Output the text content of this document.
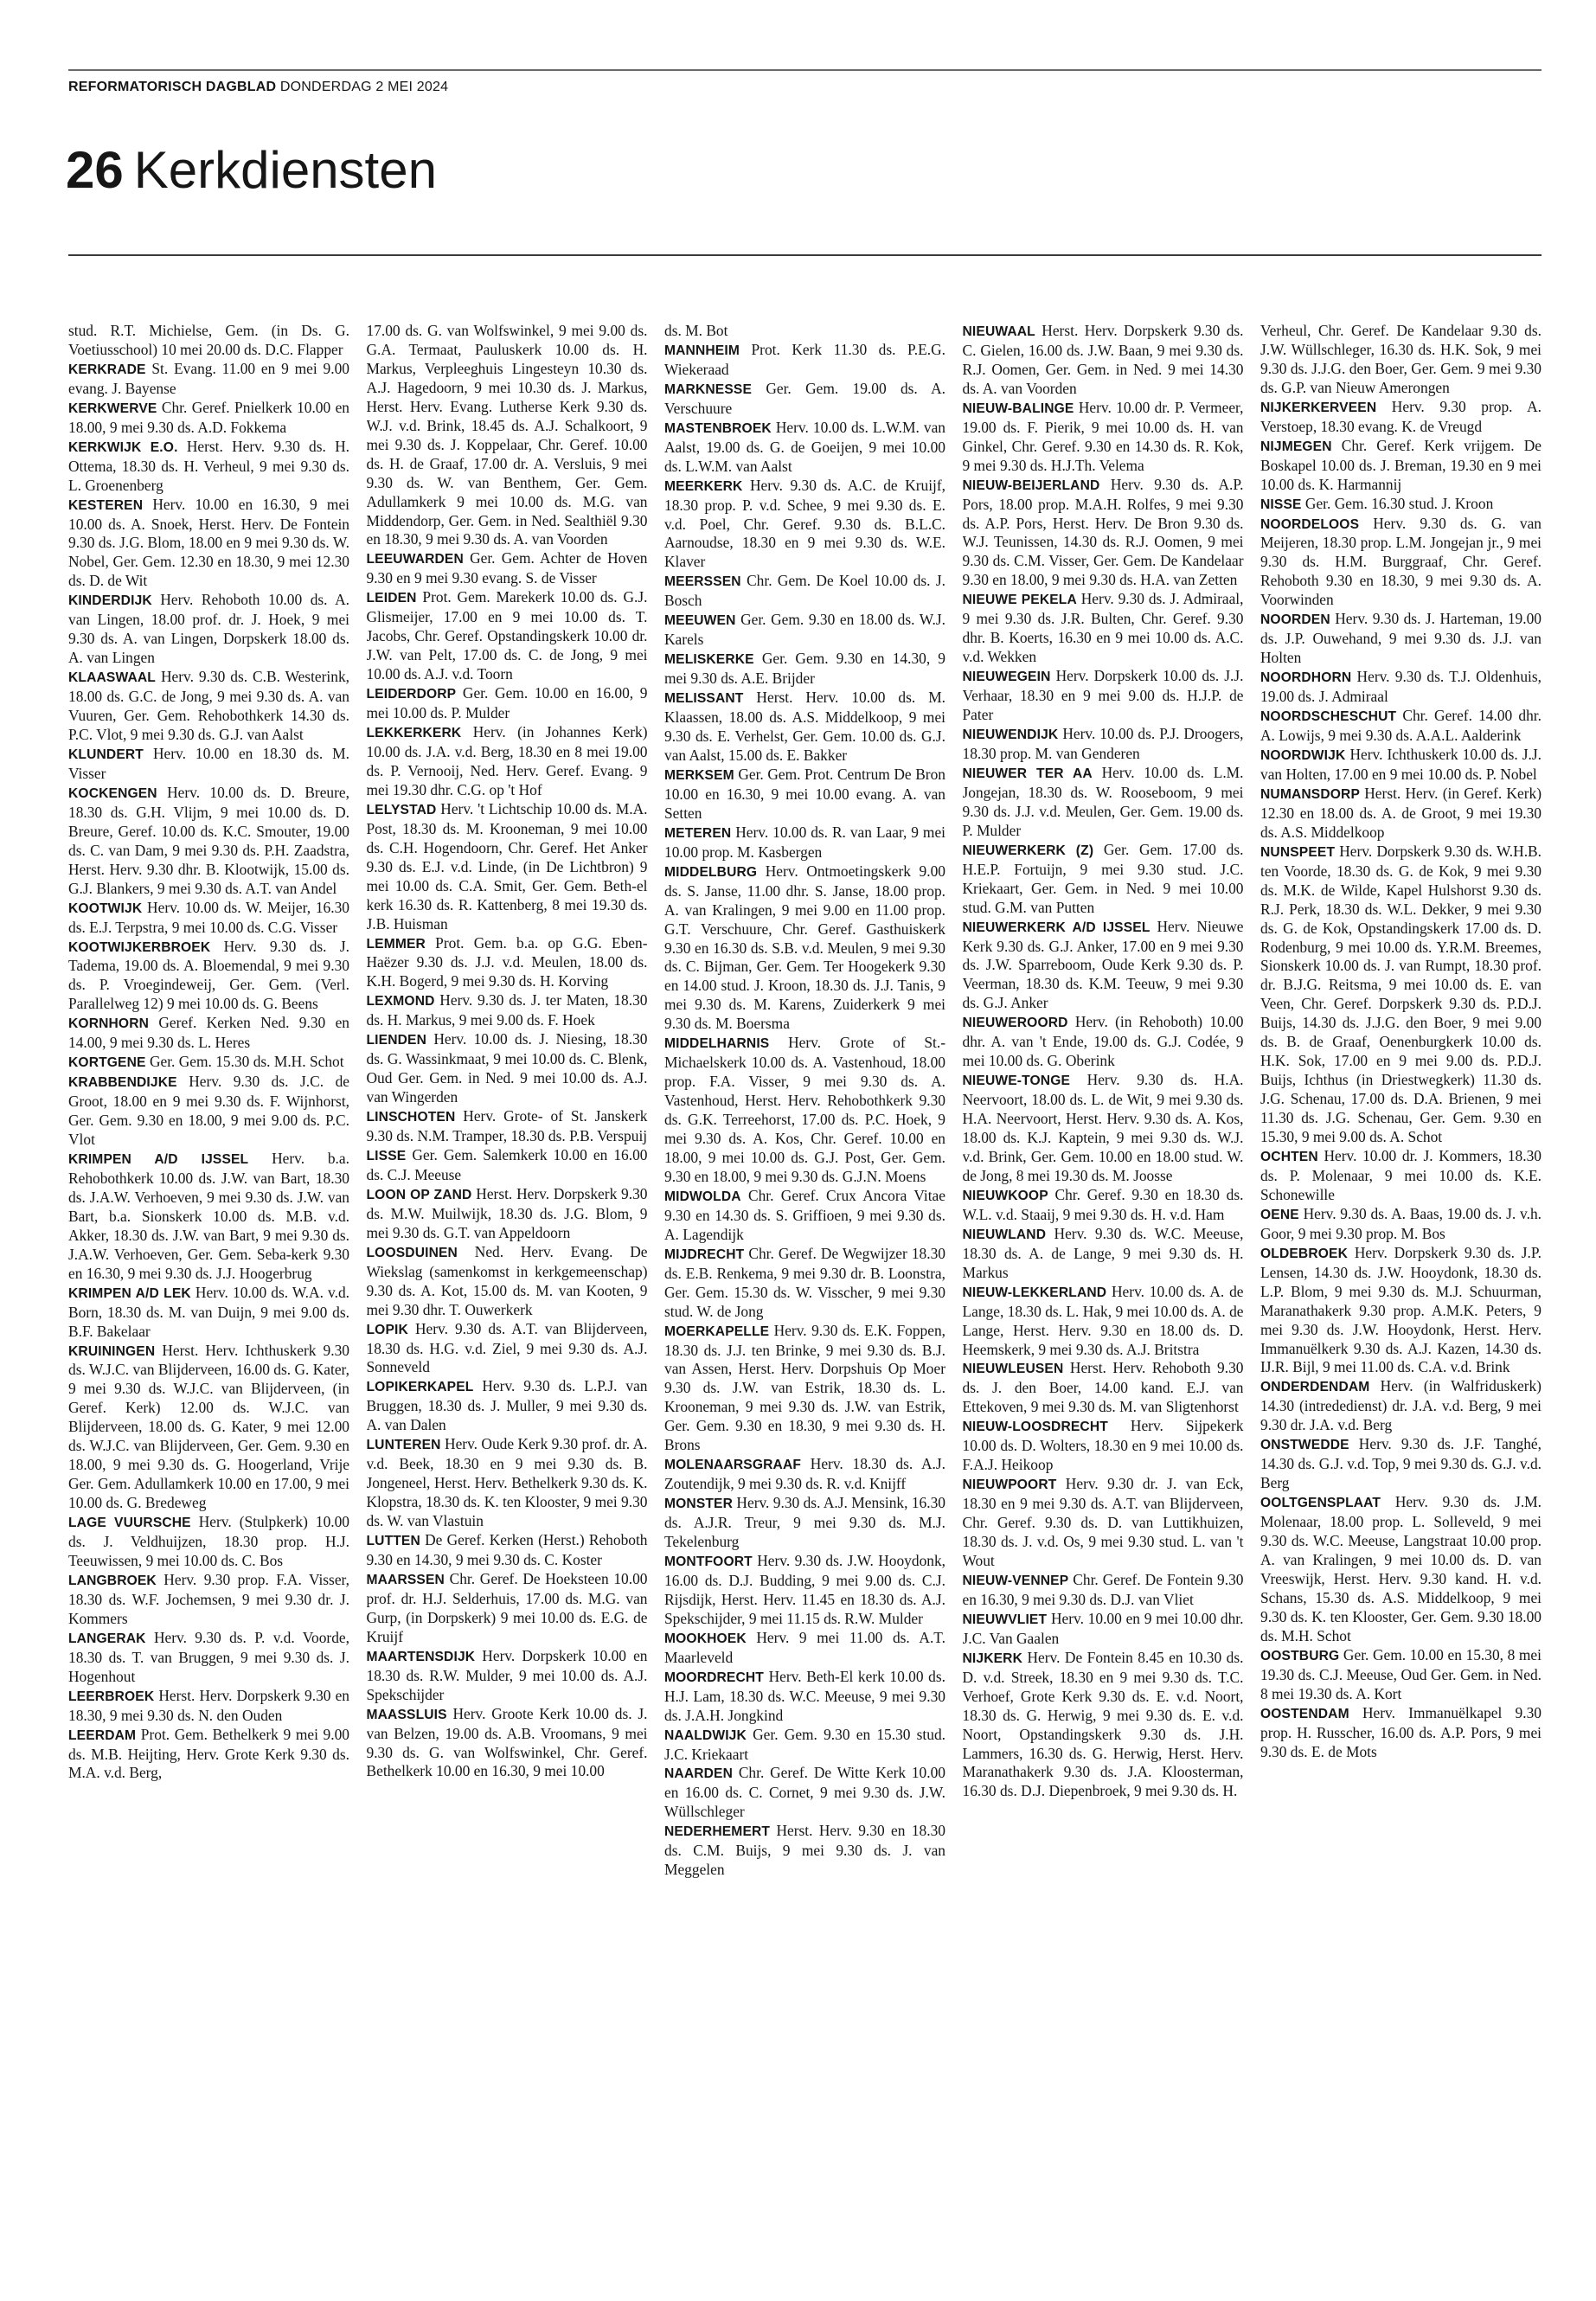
REFORMATORISCH DAGBLAD DONDERDAG 2 MEI 2024
26 Kerkdiensten

stud. R.T. Michielse, Gem. (in Ds. G. Voetiusschool) 10 mei 20.00 ds. D.C. Flapper

KERKRADE St. Evang. 11.00 en 9 mei 9.00 evang. J. Bayense

KERKWERVE Chr. Geref. Pnielkerk 10.00 en 18.00, 9 mei 9.30 ds. A.D. Fokkema

KERKWIJK E.O. Herst. Herv. 9.30 ds. H. Ottema, 18.30 ds. H. Verheul, 9 mei 9.30 ds. L. Groenenberg

KESTEREN Herv. 10.00 en 16.30, 9 mei 10.00 ds. A. Snoek, Herst. Herv. De Fontein 9.30 ds. J.G. Blom, 18.00 en 9 mei 9.30 ds. W. Nobel, Ger. Gem. 12.30 en 18.30, 9 mei 12.30 ds. D. de Wit

KINDERDIJK Herv. Rehoboth 10.00 ds. A. van Lingen, 18.00 prof. dr. J. Hoek, 9 mei 9.30 ds. A. van Lingen, Dorpskerk 18.00 ds. A. van Lingen

KLAASWAAL Herv. 9.30 ds. C.B. Westerink, 18.00 ds. G.C. de Jong, 9 mei 9.30 ds. A. van Vuuren, Ger. Gem. Rehobothkerk 14.30 ds. P.C. Vlot, 9 mei 9.30 ds. G.J. van Aalst

KLUNDERT Herv. 10.00 en 18.30 ds. M. Visser

KOCKENGEN Herv. 10.00 ds. D. Breure, 18.30 ds. G.H. Vlijm, 9 mei 10.00 ds. D. Breure, Geref. 10.00 ds. K.C. Smouter, 19.00 ds. C. van Dam, 9 mei 9.30 ds. P.H. Zaadstra, Herst. Herv. 9.30 dhr. B. Klootwijk, 15.00 ds. G.J. Blankers, 9 mei 9.30 ds. A.T. van Andel

KOOTWIJK Herv. 10.00 ds. W. Meijer, 16.30 ds. E.J. Terpstra, 9 mei 10.00 ds. C.G. Visser

KOOTWIJKERBROEK Herv. 9.30 ds. J. Tadema, 19.00 ds. A. Bloemendal, 9 mei 9.30 ds. P. Vroegindeweij, Ger. Gem. (Verl. Parallelweg 12) 9 mei 10.00 ds. G. Beens

KORNHORN Geref. Kerken Ned. 9.30 en 14.00, 9 mei 9.30 ds. L. Heres

KORTGENE Ger. Gem. 15.30 ds. M.H. Schot

KRABBENDIJKE Herv. 9.30 ds. J.C. de Groot, 18.00 en 9 mei 9.30 ds. F. Wijnhorst, Ger. Gem. 9.30 en 18.00, 9 mei 9.00 ds. P.C. Vlot

KRIMPEN A/D IJSSEL Herv. b.a. Rehobothkerk 10.00 ds. J.W. van Bart, 18.30 ds. J.A.W. Verhoeven, 9 mei 9.30 ds. J.W. van Bart, b.a. Sionskerk 10.00 ds. M.B. v.d. Akker, 18.30 ds. J.W. van Bart, 9 mei 9.30 ds. J.A.W. Verhoeven, Ger. Gem. Seba-kerk 9.30 en 16.30, 9 mei 9.30 ds. J.J. Hoogerbrug

KRIMPEN A/D LEK Herv. 10.00 ds. W.A. v.d. Born, 18.30 ds. M. van Duijn, 9 mei 9.00 ds. B.F. Bakelaar

KRUININGEN Herst. Herv. Ichthuskerk 9.30 ds. W.J.C. van Blijderveen, 16.00 ds. G. Kater, 9 mei 9.30 ds. W.J.C. van Blijderveen, (in Geref. Kerk) 12.00 ds. W.J.C. van Blijderveen, 18.00 ds. G. Kater, 9 mei 12.00 ds. W.J.C. van Blijderveen, Ger. Gem. 9.30 en 18.00, 9 mei 9.30 ds. G. Hoogerland, Vrije Ger. Gem. Adullamkerk 10.00 en 17.00, 9 mei 10.00 ds. G. Bredeweg

LAGE VUURSCHE Herv. (Stulpkerk) 10.00 ds. J. Veldhuijzen, 18.30 prop. H.J. Teeuwissen, 9 mei 10.00 ds. C. Bos

LANGBROEK Herv. 9.30 prop. F.A. Visser, 18.30 ds. W.F. Jochemsen, 9 mei 9.30 dr. J. Kommers

LANGERAK Herv. 9.30 ds. P. v.d. Voorde, 18.30 ds. T. van Bruggen, 9 mei 9.30 ds. J. Hogenhout

LEERBROEK Herst. Herv. Dorpskerk 9.30 en 18.30, 9 mei 9.30 ds. N. den Ouden

LEERDAM Prot. Gem. Bethelkerk 9 mei 9.00 ds. M.B. Heijting, Herv. Grote Kerk 9.30 ds. M.A. v.d. Berg,

17.00 ds. G. van Wolfswinkel, 9 mei 9.00 ds. G.A. Termaat, Pauluskerk 10.00 ds. H. Markus, Verpleeghuis Lingesteyn 10.30 ds. A.J. Hagedoorn, 9 mei 10.30 ds. J. Markus, Herst. Herv. Evang. Lutherse Kerk 9.30 ds. W.J. v.d. Brink, 18.45 ds. A.J. Schalkoort, 9 mei 9.30 ds. J. Koppelaar, Chr. Geref. 10.00 ds. H. de Graaf, 17.00 dr. A. Versluis, 9 mei 9.30 ds. W. van Benthem, Ger. Gem. Adullamkerk 9 mei 10.00 ds. M.G. van Middendorp, Ger. Gem. in Ned. Sealthiël 9.30 en 18.30, 9 mei 9.30 ds. A. van Voorden

LEEUWARDEN Ger. Gem. Achter de Hoven 9.30 en 9 mei 9.30 evang. S. de Visser

LEIDEN Prot. Gem. Marekerk 10.00 ds. G.J. Glismeijer, 17.00 en 9 mei 10.00 ds. T. Jacobs, Chr. Geref. Opstandingskerk 10.00 dr. J.W. van Pelt, 17.00 ds. C. de Jong, 9 mei 10.00 ds. A.J. v.d. Toorn

LEIDERDORP Ger. Gem. 10.00 en 16.00, 9 mei 10.00 ds. P. Mulder

LEKKERKERK Herv. (in Johannes Kerk) 10.00 ds. J.A. v.d. Berg, 18.30 en 8 mei 19.00 ds. P. Vernooij, Ned. Herv. Geref. Evang. 9 mei 19.30 dhr. C.G. op 't Hof

LELYSTAD Herv. 't Lichtschip 10.00 ds. M.A. Post, 18.30 ds. M. Krooneman, 9 mei 10.00 ds. C.H. Hogendoorn, Chr. Geref. Het Anker 9.30 ds. E.J. v.d. Linde, (in De Lichtbron) 9 mei 10.00 ds. C.A. Smit, Ger. Gem. Beth-el kerk 16.30 ds. R. Kattenberg, 8 mei 19.30 ds. J.B. Huisman

LEMMER Prot. Gem. b.a. op G.G. Eben-Haëzer 9.30 ds. J.J. v.d. Meulen, 18.00 ds. K.H. Bogerd, 9 mei 9.30 ds. H. Korving

LEXMOND Herv. 9.30 ds. J. ter Maten, 18.30 ds. H. Markus, 9 mei 9.00 ds. F. Hoek

LIENDEN Herv. 10.00 ds. J. Niesing, 18.30 ds. G. Wassinkmaat, 9 mei 10.00 ds. C. Blenk, Oud Ger. Gem. in Ned. 9 mei 10.00 ds. A.J. van Wingerden

LINSCHOTEN Herv. Grote- of St. Janskerk 9.30 ds. N.M. Tramper, 18.30 ds. P.B. Verspuij

LISSE Ger. Gem. Salemkerk 10.00 en 16.00 ds. C.J. Meeuse

LOON OP ZAND Herst. Herv. Dorpskerk 9.30 ds. M.W. Muilwijk, 18.30 ds. J.G. Blom, 9 mei 9.30 ds. G.T. van Appeldoorn

LOOSDUINEN Ned. Herv. Evang. De Wiekslag (samenkomst in kerkgemeenschap) 9.30 ds. A. Kot, 15.00 ds. M. van Kooten, 9 mei 9.30 dhr. T. Ouwerkerk

LOPIK Herv. 9.30 ds. A.T. van Blijderveen, 18.30 ds. H.G. v.d. Ziel, 9 mei 9.30 ds. A.J. Sonneveld

LOPIKERKAPEL Herv. 9.30 ds. L.P.J. van Bruggen, 18.30 ds. J. Muller, 9 mei 9.30 ds. A. van Dalen

LUNTEREN Herv. Oude Kerk 9.30 prof. dr. A. v.d. Beek, 18.30 en 9 mei 9.30 ds. B. Jongeneel, Herst. Herv. Bethelkerk 9.30 ds. K. Klopstra, 18.30 ds. K. ten Klooster, 9 mei 9.30 ds. W. van Vlastuin

LUTTEN De Geref. Kerken (Herst.) Rehoboth 9.30 en 14.30, 9 mei 9.30 ds. C. Koster

MAARSSEN Chr. Geref. De Hoeksteen 10.00 prof. dr. H.J. Selderhuis, 17.00 ds. M.G. van Gurp, (in Dorpskerk) 9 mei 10.00 ds. E.G. de Kruijf

MAARTENSDIJK Herv. Dorpskerk 10.00 en 18.30 ds. R.W. Mulder, 9 mei 10.00 ds. A.J. Spekschijder

MAASSLUIS Herv. Groote Kerk 10.00 ds. J. van Belzen, 19.00 ds. A.B. Vroomans, 9 mei 9.30 ds. G. van Wolfswinkel, Chr. Geref. Bethelkerk 10.00 en 16.30, 9 mei 10.00

ds. M. Bot

MANNHEIM Prot. Kerk 11.30 ds. P.E.G. Wiekeraad

MARKNESSE Ger. Gem. 19.00 ds. A. Verschuure

MASTENBROEK Herv. 10.00 ds. L.W.M. van Aalst, 19.00 ds. G. de Goeijen, 9 mei 10.00 ds. L.W.M. van Aalst

MEERKERK Herv. 9.30 ds. A.C. de Kruijf, 18.30 prop. P. v.d. Schee, 9 mei 9.30 ds. E. v.d. Poel, Chr. Geref. 9.30 ds. B.L.C. Aarnoudse, 18.30 en 9 mei 9.30 ds. W.E. Klaver

MEERSSEN Chr. Gem. De Koel 10.00 ds. J. Bosch

MEEUWEN Ger. Gem. 9.30 en 18.00 ds. W.J. Karels

MELISKERKE Ger. Gem. 9.30 en 14.30, 9 mei 9.30 ds. A.E. Brijder

MELISSANT Herst. Herv. 10.00 ds. M. Klaassen, 18.00 ds. A.S. Middelkoop, 9 mei 9.30 ds. E. Verhelst, Ger. Gem. 10.00 ds. G.J. van Aalst, 15.00 ds. E. Bakker

MERKSEM Ger. Gem. Prot. Centrum De Bron 10.00 en 16.30, 9 mei 10.00 evang. A. van Setten

METEREN Herv. 10.00 ds. R. van Laar, 9 mei 10.00 prop. M. Kasbergen

MIDDELBURG Herv. Ontmoetingskerk 9.00 ds. S. Janse, 11.00 dhr. S. Janse, 18.00 prop. A. van Kralingen, 9 mei 9.00 en 11.00 prop. G.T. Verschuure, Chr. Geref. Gasthuiskerk 9.30 en 16.30 ds. S.B. v.d. Meulen, 9 mei 9.30 ds. C. Bijman, Ger. Gem. Ter Hoogekerk 9.30 en 14.00 stud. J. Kroon, 18.30 ds. J.J. Tanis, 9 mei 9.30 ds. M. Karens, Zuiderkerk 9 mei 9.30 ds. M. Boersma

MIDDELHARNIS Herv. Grote of St.-Michaelskerk 10.00 ds. A. Vastenhoud, 18.00 prop. F.A. Visser, 9 mei 9.30 ds. A. Vastenhoud, Herst. Herv. Rehobothkerk 9.30 ds. G.K. Terreehorst, 17.00 ds. P.C. Hoek, 9 mei 9.30 ds. A. Kos, Chr. Geref. 10.00 en 18.00, 9 mei 10.00 ds. G.J. Post, Ger. Gem. 9.30 en 18.00, 9 mei 9.30 ds. G.J.N. Moens

MIDWOLDA Chr. Geref. Crux Ancora Vitae 9.30 en 14.30 ds. S. Griffioen, 9 mei 9.30 ds. A. Lagendijk

MIJDRECHT Chr. Geref. De Wegwijzer 18.30 ds. E.B. Renkema, 9 mei 9.30 dr. B. Loonstra, Ger. Gem. 15.30 ds. W. Visscher, 9 mei 9.30 stud. W. de Jong

MOERKAPELLE Herv. 9.30 ds. E.K. Foppen, 18.30 ds. J.J. ten Brinke, 9 mei 9.30 ds. B.J. van Assen, Herst. Herv. Dorpshuis Op Moer 9.30 ds. J.W. van Estrik, 18.30 ds. L. Krooneman, 9 mei 9.30 ds. J.W. van Estrik, Ger. Gem. 9.30 en 18.30, 9 mei 9.30 ds. H. Brons

MOLENAARSGRAAF Herv. 18.30 ds. A.J. Zoutendijk, 9 mei 9.30 ds. R. v.d. Knijff

MONSTER Herv. 9.30 ds. A.J. Mensink, 16.30 ds. A.J.R. Treur, 9 mei 9.30 ds. M.J. Tekelenburg

MONTFOORT Herv. 9.30 ds. J.W. Hooydonk, 16.00 ds. D.J. Budding, 9 mei 9.00 ds. C.J. Rijsdijk, Herst. Herv. 11.45 en 18.30 ds. A.J. Spekschijder, 9 mei 11.15 ds. R.W. Mulder

MOOKHOEK Herv. 9 mei 11.00 ds. A.T. Maarleveld

MOORDRECHT Herv. Beth-El kerk 10.00 ds. H.J. Lam, 18.30 ds. W.C. Meeuse, 9 mei 9.30 ds. J.A.H. Jongkind

NAALDWIJK Ger. Gem. 9.30 en 15.30 stud. J.C. Kriekaart

NAARDEN Chr. Geref. De Witte Kerk 10.00 en 16.00 ds. C. Cornet, 9 mei 9.30 ds. J.W. Wüllschleger

NEDERHEMERT Herst. Herv. 9.30 en 18.30 ds. C.M. Buijs, 9 mei 9.30 ds. J. van Meggelen

NIEUWAAL Herst. Herv. Dorpskerk 9.30 ds. C. Gielen, 16.00 ds. J.W. Baan, 9 mei 9.30 ds. R.J. Oomen, Ger. Gem. in Ned. 9 mei 14.30 ds. A. van Voorden

NIEUW-BALINGE Herv. 10.00 dr. P. Vermeer, 19.00 ds. F. Pierik, 9 mei 10.00 ds. H. van Ginkel, Chr. Geref. 9.30 en 14.30 ds. R. Kok, 9 mei 9.30 ds. H.J.Th. Velema

NIEUW-BEIJERLAND Herv. 9.30 ds. A.P. Pors, 18.00 prop. M.A.H. Rolfes, 9 mei 9.30 ds. A.P. Pors, Herst. Herv. De Bron 9.30 ds. W.J. Teunissen, 14.30 ds. R.J. Oomen, 9 mei 9.30 ds. C.M. Visser, Ger. Gem. De Kandelaar 9.30 en 18.00, 9 mei 9.30 ds. H.A. van Zetten

NIEUWE PEKELA Herv. 9.30 ds. J. Admiraal, 9 mei 9.30 ds. J.R. Bulten, Chr. Geref. 9.30 dhr. B. Koerts, 16.30 en 9 mei 10.00 ds. A.C. v.d. Wekken

NIEUWEGEIN Herv. Dorpskerk 10.00 ds. J.J. Verhaar, 18.30 en 9 mei 9.00 ds. H.J.P. de Pater

NIEUWENDIJK Herv. 10.00 ds. P.J. Droogers, 18.30 prop. M. van Genderen

NIEUWER TER AA Herv. 10.00 ds. L.M. Jongejan, 18.30 ds. W. Rooseboom, 9 mei 9.30 ds. J.J. v.d. Meulen, Ger. Gem. 19.00 ds. P. Mulder

NIEUWERKERK (Z) Ger. Gem. 17.00 ds. H.E.P. Fortuijn, 9 mei 9.30 stud. J.C. Kriekaart, Ger. Gem. in Ned. 9 mei 10.00 stud. G.M. van Putten

NIEUWERKERK A/D IJSSEL Herv. Nieuwe Kerk 9.30 ds. G.J. Anker, 17.00 en 9 mei 9.30 ds. J.W. Sparreboom, Oude Kerk 9.30 ds. P. Veerman, 18.30 ds. K.M. Teeuw, 9 mei 9.30 ds. G.J. Anker

NIEUWEROORD Herv. (in Rehoboth) 10.00 dhr. A. van 't Ende, 19.00 ds. G.J. Codée, 9 mei 10.00 ds. G. Oberink

NIEUWE-TONGE Herv. 9.30 ds. H.A. Neervoort, 18.00 ds. L. de Wit, 9 mei 9.30 ds. H.A. Neervoort, Herst. Herv. 9.30 ds. A. Kos, 18.00 ds. K.J. Kaptein, 9 mei 9.30 ds. W.J. v.d. Brink, Ger. Gem. 10.00 en 18.00 stud. W. de Jong, 8 mei 19.30 ds. M. Joosse

NIEUWKOOP Chr. Geref. 9.30 en 18.30 ds. W.L. v.d. Staaij, 9 mei 9.30 ds. H. v.d. Ham

NIEUWLAND Herv. 9.30 ds. W.C. Meeuse, 18.30 ds. A. de Lange, 9 mei 9.30 ds. H. Markus

NIEUW-LEKKERLAND Herv. 10.00 ds. A. de Lange, 18.30 ds. L. Hak, 9 mei 10.00 ds. A. de Lange, Herst. Herv. 9.30 en 18.00 ds. D. Heemskerk, 9 mei 9.30 ds. A.J. Britstra

NIEUWLEUSEN Herst. Herv. Rehoboth 9.30 ds. J. den Boer, 14.00 kand. E.J. van Ettekoven, 9 mei 9.30 ds. M. van Sligtenhorst

NIEUW-LOOSDRECHT Herv. Sijpekerk 10.00 ds. D. Wolters, 18.30 en 9 mei 10.00 ds. F.A.J. Heikoop

NIEUWPOORT Herv. 9.30 dr. J. van Eck, 18.30 en 9 mei 9.30 ds. A.T. van Blijderveen, Chr. Geref. 9.30 ds. D. van Luttikhuizen, 18.30 ds. J. v.d. Os, 9 mei 9.30 stud. L. van 't Wout

NIEUW-VENNEP Chr. Geref. De Fontein 9.30 en 16.30, 9 mei 9.30 ds. D.J. van Vliet

NIEUWVLIET Herv. 10.00 en 9 mei 10.00 dhr. J.C. Van Gaalen

NIJKERK Herv. De Fontein 8.45 en 10.30 ds. D. v.d. Streek, 18.30 en 9 mei 9.30 ds. T.C. Verhoef, Grote Kerk 9.30 ds. E. v.d. Noort, 18.30 ds. G. Herwig, 9 mei 9.30 ds. E. v.d. Noort, Opstandingskerk 9.30 ds. J.H. Lammers, 16.30 ds. G. Herwig, Herst. Herv. Maranathakerk 9.30 ds. J.A. Kloosterman, 16.30 ds. D.J. Diepenbroek, 9 mei 9.30 ds. H.

Verheul, Chr. Geref. De Kandelaar 9.30 ds. J.W. Wüllschleger, 16.30 ds. H.K. Sok, 9 mei 9.30 ds. J.J.G. den Boer, Ger. Gem. 9 mei 9.30 ds. G.P. van Nieuw Amerongen

NIJKERKERVEEN Herv. 9.30 prop. A. Verstoep, 18.30 evang. K. de Vreugd

NIJMEGEN Chr. Geref. Kerk vrijgem. De Boskapel 10.00 ds. J. Breman, 19.30 en 9 mei 10.00 ds. K. Harmannij

NISSE Ger. Gem. 16.30 stud. J. Kroon

NOORDELOOS Herv. 9.30 ds. G. van Meijeren, 18.30 prop. L.M. Jongejan jr., 9 mei 9.30 ds. H.M. Burggraaf, Chr. Geref. Rehoboth 9.30 en 18.30, 9 mei 9.30 ds. A. Voorwinden

NOORDEN Herv. 9.30 ds. J. Harteman, 19.00 ds. J.P. Ouwehand, 9 mei 9.30 ds. J.J. van Holten

NOORDHORN Herv. 9.30 ds. T.J. Oldenhuis, 19.00 ds. J. Admiraal

NOORDSCHESCHUT Chr. Geref. 14.00 dhr. A. Lowijs, 9 mei 9.30 ds. A.A.L. Aalderink

NOORDWIJK Herv. Ichthuskerk 10.00 ds. J.J. van Holten, 17.00 en 9 mei 10.00 ds. P. Nobel

NUMANSDORP Herst. Herv. (in Geref. Kerk) 12.30 en 18.00 ds. A. de Groot, 9 mei 19.30 ds. A.S. Middelkoop

NUNSPEET Herv. Dorpskerk 9.30 ds. W.H.B. ten Voorde, 18.30 ds. G. de Kok, 9 mei 9.30 ds. M.K. de Wilde, Kapel Hulshorst 9.30 ds. R.J. Perk, 18.30 ds. W.L. Dekker, 9 mei 9.30 ds. G. de Kok, Opstandingskerk 17.00 ds. D. Rodenburg, 9 mei 10.00 ds. Y.R.M. Breemes, Sionskerk 10.00 ds. J. van Rumpt, 18.30 prof. dr. B.J.G. Reitsma, 9 mei 10.00 ds. E. van Veen, Chr. Geref. Dorpskerk 9.30 ds. P.D.J. Buijs, 14.30 ds. J.J.G. den Boer, 9 mei 9.00 ds. B. de Graaf, Oenenburgkerk 10.00 ds. H.K. Sok, 17.00 en 9 mei 9.00 ds. P.D.J. Buijs, Ichthus (in Driestwegkerk) 11.30 ds. J.G. Schenau, 17.00 ds. D.A. Brienen, 9 mei 11.30 ds. J.G. Schenau, Ger. Gem. 9.30 en 15.30, 9 mei 9.00 ds. A. Schot

OCHTEN Herv. 10.00 dr. J. Kommers, 18.30 ds. P. Molenaar, 9 mei 10.00 ds. K.E. Schonewille

OENE Herv. 9.30 ds. A. Baas, 19.00 ds. J. v.h. Goor, 9 mei 9.30 prop. M. Bos

OLDEBROEK Herv. Dorpskerk 9.30 ds. J.P. Lensen, 14.30 ds. J.W. Hooydonk, 18.30 ds. L.P. Blom, 9 mei 9.30 ds. M.J. Schuurman, Maranathakerk 9.30 prop. A.M.K. Peters, 9 mei 9.30 ds. J.W. Hooydonk, Herst. Herv. Immanuëlkerk 9.30 ds. A.J. Kazen, 14.30 ds. IJ.R. Bijl, 9 mei 11.00 ds. C.A. v.d. Brink

ONDERDENDAM Herv. (in Walfriduskerk) 14.30 (intrededienst) dr. J.A. v.d. Berg, 9 mei 9.30 dr. J.A. v.d. Berg

ONSTWEDDE Herv. 9.30 ds. J.F. Tanghé, 14.30 ds. G.J. v.d. Top, 9 mei 9.30 ds. G.J. v.d. Berg

OOLTGENSPLAAT Herv. 9.30 ds. J.M. Molenaar, 18.00 prop. L. Solleveld, 9 mei 9.30 ds. W.C. Meeuse, Langstraat 10.00 prop. A. van Kralingen, 9 mei 10.00 ds. D. van Vreeswijk, Herst. Herv. 9.30 kand. H. v.d. Schans, 15.30 ds. A.S. Middelkoop, 9 mei 9.30 ds. K. ten Klooster, Ger. Gem. 9.30 18.00 ds. M.H. Schot

OOSTBURG Ger. Gem. 10.00 en 15.30, 8 mei 19.30 ds. C.J. Meeuse, Oud Ger. Gem. in Ned. 8 mei 19.30 ds. A. Kort

OOSTENDAM Herv. Immanuëlkapel 9.30 prop. H. Russcher, 16.00 ds. A.P. Pors, 9 mei 9.30 ds. E. de Mots
